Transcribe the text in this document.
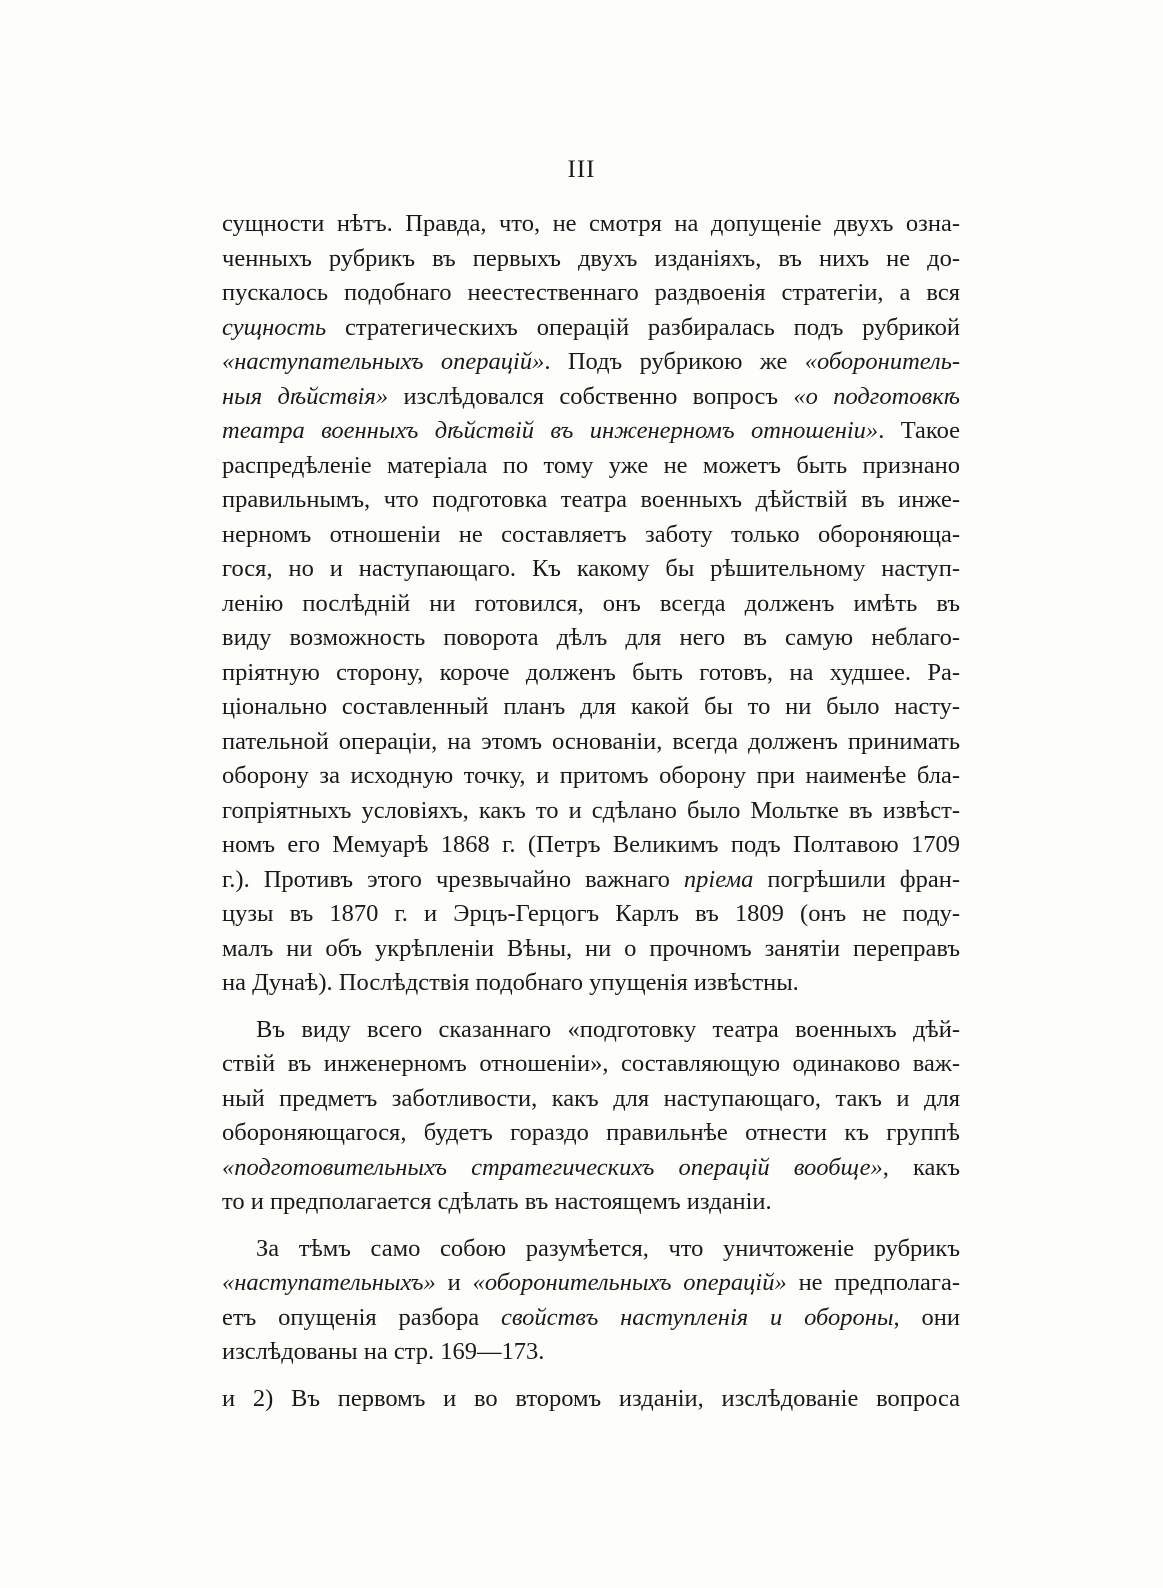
III
сущности нѣтъ. Правда, что, не смотря на допущеніе двухъ озна-
ченныхъ рубрикъ въ первыхъ двухъ изданіяхъ, въ нихъ не до-
пускалось подобнаго неестественнаго раздвоенія стратегіи, а вся
сущность стратегическихъ операцій разбиралась подъ рубрикой
«наступательныхъ операцій». Подъ рубрикою же «оборонитель-
ныя дѣйствія» изслѣдовался собственно вопросъ «о подготовкѣ
театра военныхъ дѣйствій въ инженерномъ отношеніи». Такое
распредѣленіе матеріала по тому уже не можетъ быть признано
правильнымъ, что подготовка театра военныхъ дѣйствій въ инже-
нерномъ отношеніи не составляетъ заботу только обороняюща-
гося, но и наступающаго. Къ какому бы рѣшительному наступ-
ленію послѣдній ни готовился, онъ всегда долженъ имѣть въ
виду возможность поворота дѣлъ для него въ самую неблаго-
пріятную сторону, короче долженъ быть готовъ, на худшее. Ра-
ціонально составленный планъ для какой бы то ни было насту-
пательной операціи, на этомъ основаніи, всегда долженъ принимать
оборону за исходную точку, и притомъ оборону при наименѣе бла-
гопріятныхъ условіяхъ, какъ то и сдѣлано было Мольтке въ извѣст-
номъ его Мемуарѣ 1868 г. (Петръ Великимъ подъ Полтавою 1709
г.). Противъ этого чрезвычайно важнаго пріема погрѣшили фран-
цузы въ 1870 г. и Эрцъ-Герцогъ Карлъ въ 1809 (онъ не поду-
малъ ни объ укрѣпленіи Вѣны, ни о прочномъ занятіи переправъ
на Дунаѣ). Послѣдствія подобнаго упущенія извѣстны.
Въ виду всего сказаннаго «подготовку театра военныхъ дѣй-
ствій въ инженерномъ отношеніи», составляющую одинаково важ-
ный предметъ заботливости, какъ для наступающаго, такъ и для
обороняющагося, будетъ гораздо правильнѣе отнести къ группѣ
«подготовительныхъ стратегическихъ операцій вообще», какъ
то и предполагается сдѣлать въ настоящемъ изданіи.
За тѣмъ само собою разумѣется, что уничтоженіе рубрикъ
«наступательныхъ» и «оборонительныхъ операцій» не предполага-
етъ опущенія разбора свойствъ наступленія и обороны, они
изслѣдованы на стр. 169—173.
и 2) Въ первомъ и во второмъ изданіи, изслѣдованіе вопроса
